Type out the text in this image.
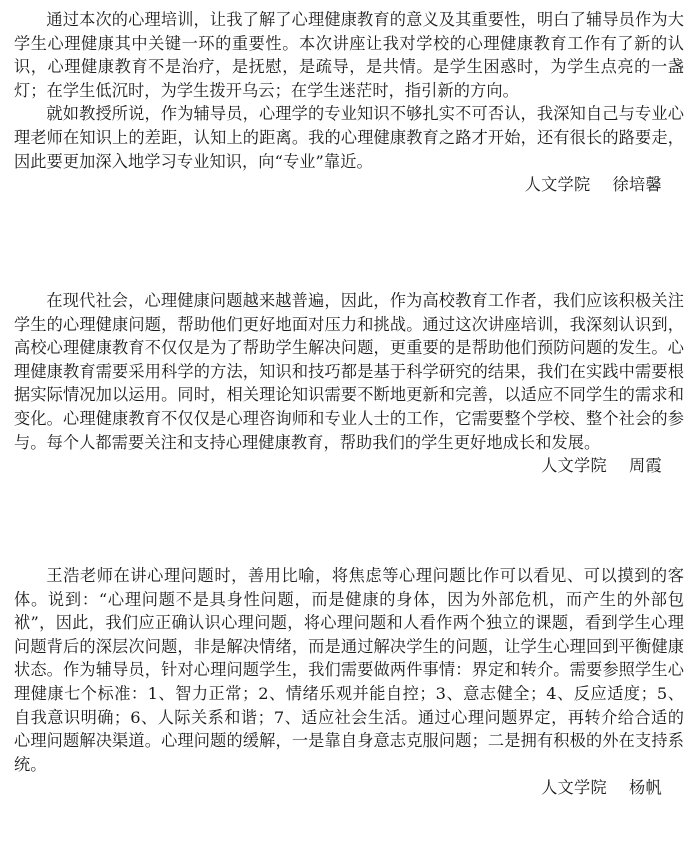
通过本次的心理培训，让我了解了心理健康教育的意义及其重要性，明白了辅导员作为大学生心理健康其中关键一环的重要性。本次讲座让我对学校的心理健康教育工作有了新的认识，心理健康教育不是治疗，是抚慰，是疏导，是共情。是学生困惑时，为学生点亮的一盏灯；在学生低沉时，为学生拨开乌云；在学生迷茫时，指引新的方向。

就如教授所说，作为辅导员，心理学的专业知识不够扎实不可否认，我深知自己与专业心理老师在知识上的差距，认知上的距离。我的心理健康教育之路才开始，还有很长的路要走，因此要更加深入地学习专业知识，向“专业”靠近。

人文学院 徐培馨

在现代社会，心理健康问题越来越普遍，因此，作为高校教育工作者，我们应该积极关注学生的心理健康问题，帮助他们更好地面对压力和挑战。通过这次讲座培训，我深刻认识到，高校心理健康教育不仅仅是为了帮助学生解决问题，更重要的是帮助他们预防问题的发生。心理健康教育需要采用科学的方法，知识和技巧都是基于科学研究的结果，我们在实践中需要根据实际情况加以运用。同时，相关理论知识需要不断地更新和完善，以适应不同学生的需求和变化。心理健康教育不仅仅是心理咨询师和专业人士的工作，它需要整个学校、整个社会的参与。每个人都需要关注和支持心理健康教育，帮助我们的学生更好地成长和发展。

人文学院 周霞

王浩老师在讲心理问题时，善用比喻，将焦虑等心理问题比作可以看见、可以摸到的客体。说到：“心理问题不是具身性问题，而是健康的身体，因为外部危机，而产生的外部包袱”，因此，我们应正确认识心理问题，将心理问题和人看作两个独立的课题，看到学生心理问题背后的深层次问题，非是解决情绪，而是通过解决学生的问题，让学生心理回到平衡健康状态。作为辅导员，针对心理问题学生，我们需要做两件事情：界定和转介。需要参照学生心理健康七个标准：1、智力正常；2、情绪乐观并能自控；3、意志健全；4、反应适度；5、自我意识明确；6、人际关系和谐；7、适应社会生活。通过心理问题界定，再转介给合适的心理问题解决渠道。心理问题的缓解，一是靠自身意志克服问题；二是拥有积极的外在支持系统。

人文学院 杨帆
